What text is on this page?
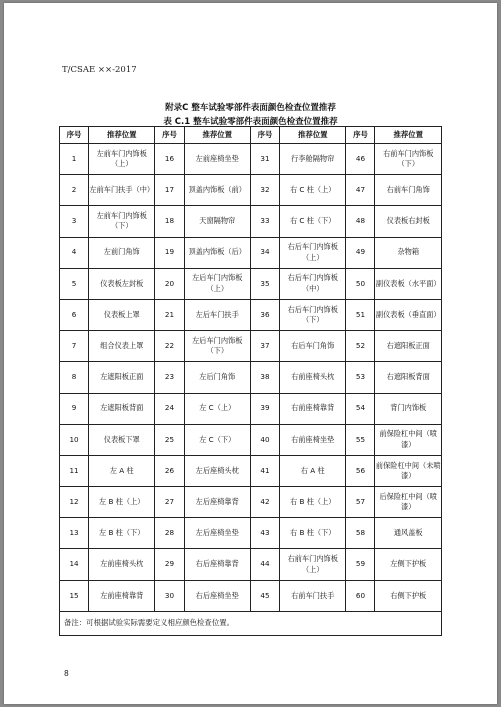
T/CSAE ××-2017
附录C 整车试验零部件表面颜色检查位置推荐
表 C.1 整车试验零部件表面颜色检查位置推荐
序号	推荐位置	序号	推荐位置	序号	推荐位置	序号	推荐位置
1	左前车门内饰板（上）	16	左前座椅坐垫	31	行李舱隔物帘	46	右前车门内饰板（下）
2	左前车门扶手（中）	17	顶盖内饰板（前）	32	右 C 柱（上）	47	右前车门角饰
3	左前车门内饰板（下）	18	天窗隔物帘	33	右 C 柱（下）	48	仪表板右封板
4	左前门角饰	19	顶盖内饰板（后）	34	右后车门内饰板（上）	49	杂物箱
5	仪表板左封板	20	左后车门内饰板（上）	35	右后车门内饰板（中）	50	副仪表板（水平面）
6	仪表板上罩	21	左后车门扶手	36	右后车门内饰板（下）	51	副仪表板（垂直面）
7	组合仪表上罩	22	左后车门内饰板（下）	37	右后车门角饰	52	右遮阳板正面
8	左遮阳板正面	23	左后门角饰	38	右前座椅头枕	53	右遮阳板背面
9	左遮阳板背面	24	左 C（上）	39	右前座椅靠背	54	背门内饰板
10	仪表板下罩	25	左 C（下）	40	右前座椅坐垫	55	前保险杠中间（喷漆）
11	左 A 柱	26	左后座椅头枕	41	右 A 柱	56	前保险杠中间（未喷漆）
12	左 B 柱（上）	27	左后座椅靠背	42	右 B 柱（上）	57	后保险杠中间（喷漆）
13	左 B 柱（下）	28	左后座椅坐垫	43	右 B 柱（下）	58	通风盖板
14	左前座椅头枕	29	右后座椅靠背	44	右前车门内饰板（上）	59	左侧下护板
15	左前座椅靠背	30	右后座椅坐垫	45	右前车门扶手	60	右侧下护板
备注：可根据试验实际需要定义相应颜色检查位置。							
8
